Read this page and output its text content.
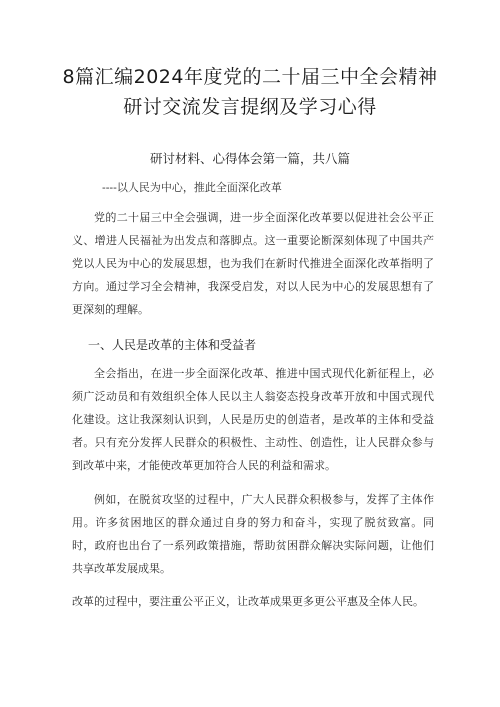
8篇汇编2024年度党的二十届三中全会精神研讨交流发言提纲及学习心得
研讨材料、心得体会第一篇，共八篇
----以人民为中心，推此全面深化改革
党的二十届三中全会强调，进一步全面深化改革要以促进社会公平正义、增进人民福祉为出发点和落脚点。这一重要论断深刻体现了中国共产党以人民为中心的发展思想，也为我们在新时代推进全面深化改革指明了方向。通过学习全会精神，我深受启发，对以人民为中心的发展思想有了更深刻的理解。
一、人民是改革的主体和受益者
全会指出，在进一步全面深化改革、推进中国式现代化新征程上，必须广泛动员和有效组织全体人民以主人翁姿态投身改革开放和中国式现代化建设。这让我深刻认识到，人民是历史的创造者，是改革的主体和受益者。只有充分发挥人民群众的积极性、主动性、创造性，让人民群众参与到改革中来，才能使改革更加符合人民的利益和需求。
例如，在脱贫攻坚的过程中，广大人民群众积极参与，发挥了主体作用。许多贫困地区的群众通过自身的努力和奋斗，实现了脱贫致富。同时，政府也出台了一系列政策措施，帮助贫困群众解决实际问题，让他们共享改革发展成果。
改革的过程中，要注重公平正义，让改革成果更多更公平惠及全体人民。
